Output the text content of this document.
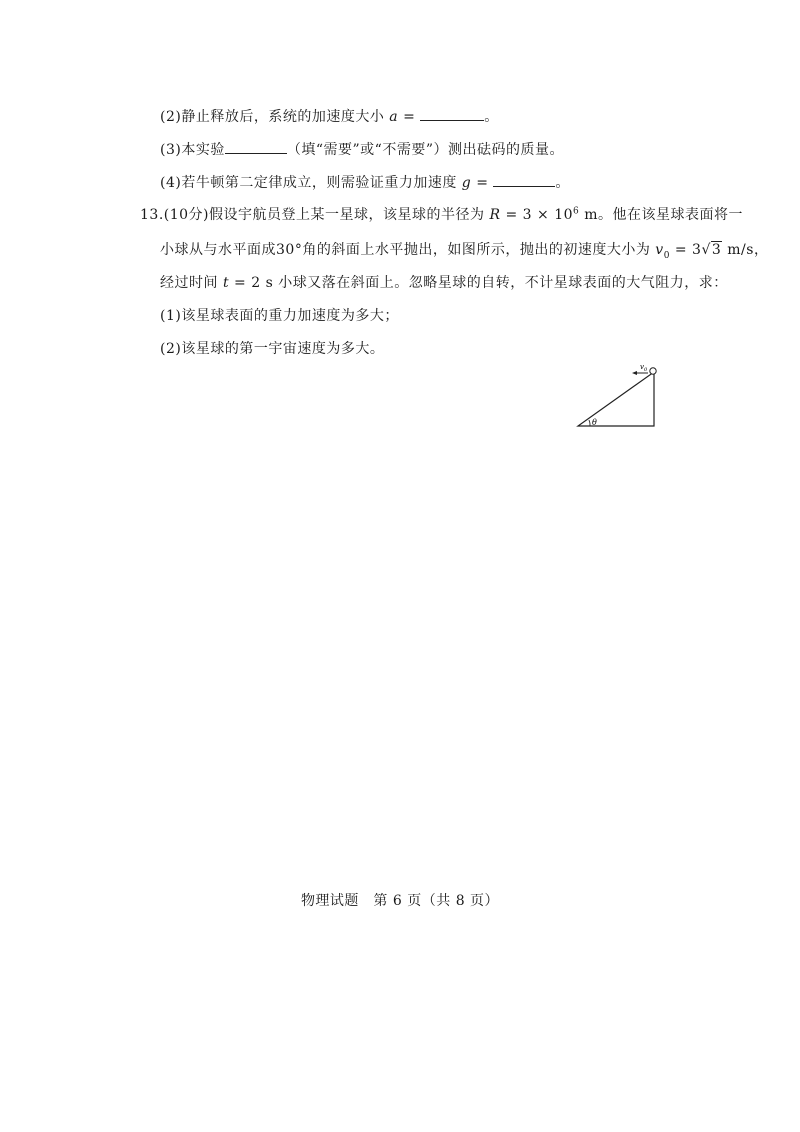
(2)静止释放后，系统的加速度大小 a =	。
(3)本实验	（填“需要”或“不需要”）测出砝码的质量。
(4)若牛顿第二定律成立，则需验证重力加速度 g =	。
13.(10分)假设宇航员登上某一星球，该星球的半径为 $R = 3 \times 10^6$ m。他在该星球表面将一
小球从与水平面成30°角的斜面上水平抛出，如图所示，抛出的初速度大小为 $v_0 = 3√3$ m/s，
经过时间 t = 2 s 小球又落在斜面上。忽略星球的自转，不计星球表面的大气阻力，求：
(1)该星球表面的重力加速度为多大；
(2)该星球的第一宇宙速度为多大。
$v_0$
θ
物理试题　第 6 页（共 8 页）
